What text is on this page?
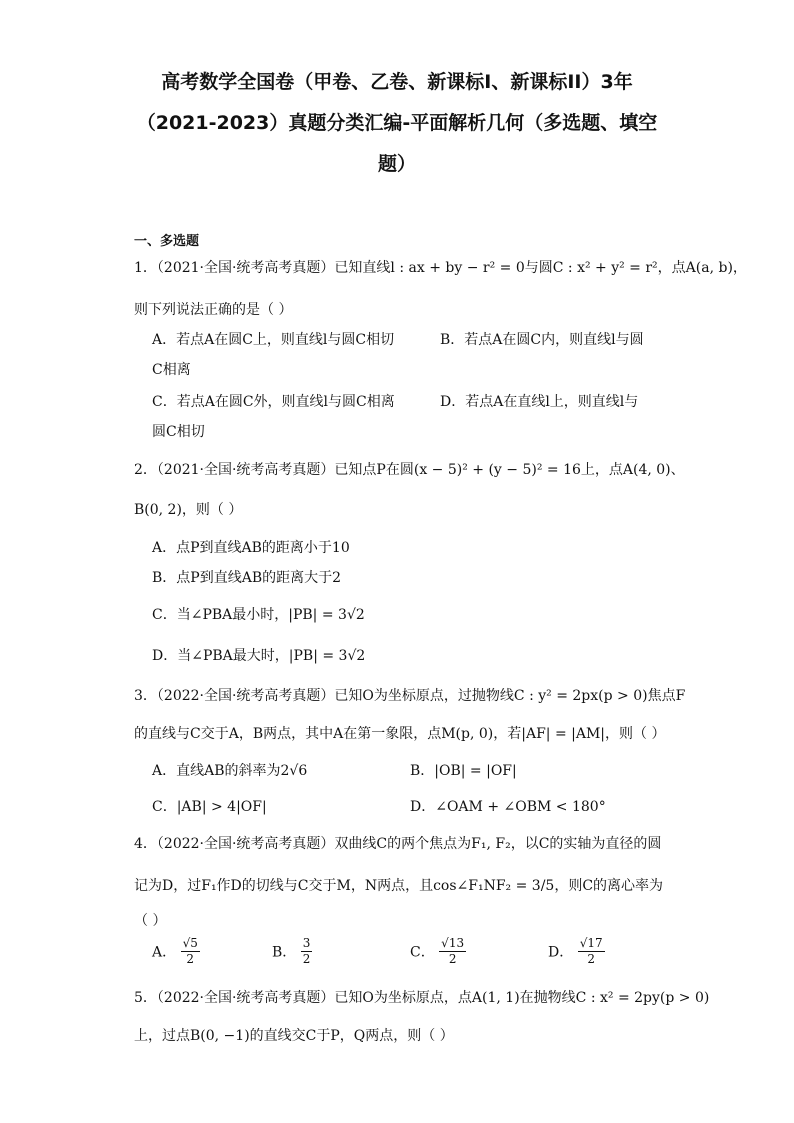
高考数学全国卷（甲卷、乙卷、新课标I、新课标II）3年
（2021-2023）真题分类汇编-平面解析几何（多选题、填空
题）
一、多选题
1．（2021·全国·统考高考真题）已知直线l : ax + by − r² = 0与圆C : x² + y² = r²，点A(a, b)，
则下列说法正确的是（ ）
A．若点A在圆C上，则直线l与圆C相切	B．若点A在圆C内，则直线l与圆
C相离
C．若点A在圆C外，则直线l与圆C相离	D．若点A在直线l上，则直线l与
圆C相切
2．（2021·全国·统考高考真题）已知点P在圆(x − 5)² + (y − 5)² = 16上，点A(4, 0)、
B(0, 2)，则（ ）
A．点P到直线AB的距离小于10
B．点P到直线AB的距离大于2
C．当∠PBA最小时，|PB| = 3√2
D．当∠PBA最大时，|PB| = 3√2
3．（2022·全国·统考高考真题）已知O为坐标原点，过抛物线C : y² = 2px(p > 0)焦点F
的直线与C交于A，B两点，其中A在第一象限，点M(p, 0)，若|AF| = |AM|，则（ ）
A．直线AB的斜率为2√6	B．|OB| = |OF|
C．|AB| > 4|OF|	D．∠OAM + ∠OBM < 180°
4．（2022·全国·统考高考真题）双曲线C的两个焦点为F₁, F₂，以C的实轴为直径的圆
记为D，过F₁作D的切线与C交于M，N两点，且cos∠F₁NF₂ = 3/5，则C的离心率为
（ ）
A． $\frac{√5}{2}$	B． $\frac{3}{2}$	C． $\frac{√13}{2}$	D． $\frac{√17}{2}$
5．（2022·全国·统考高考真题）已知O为坐标原点，点A(1, 1)在抛物线C : x² = 2py(p > 0)
上，过点B(0, −1)的直线交C于P，Q两点，则（ ）
